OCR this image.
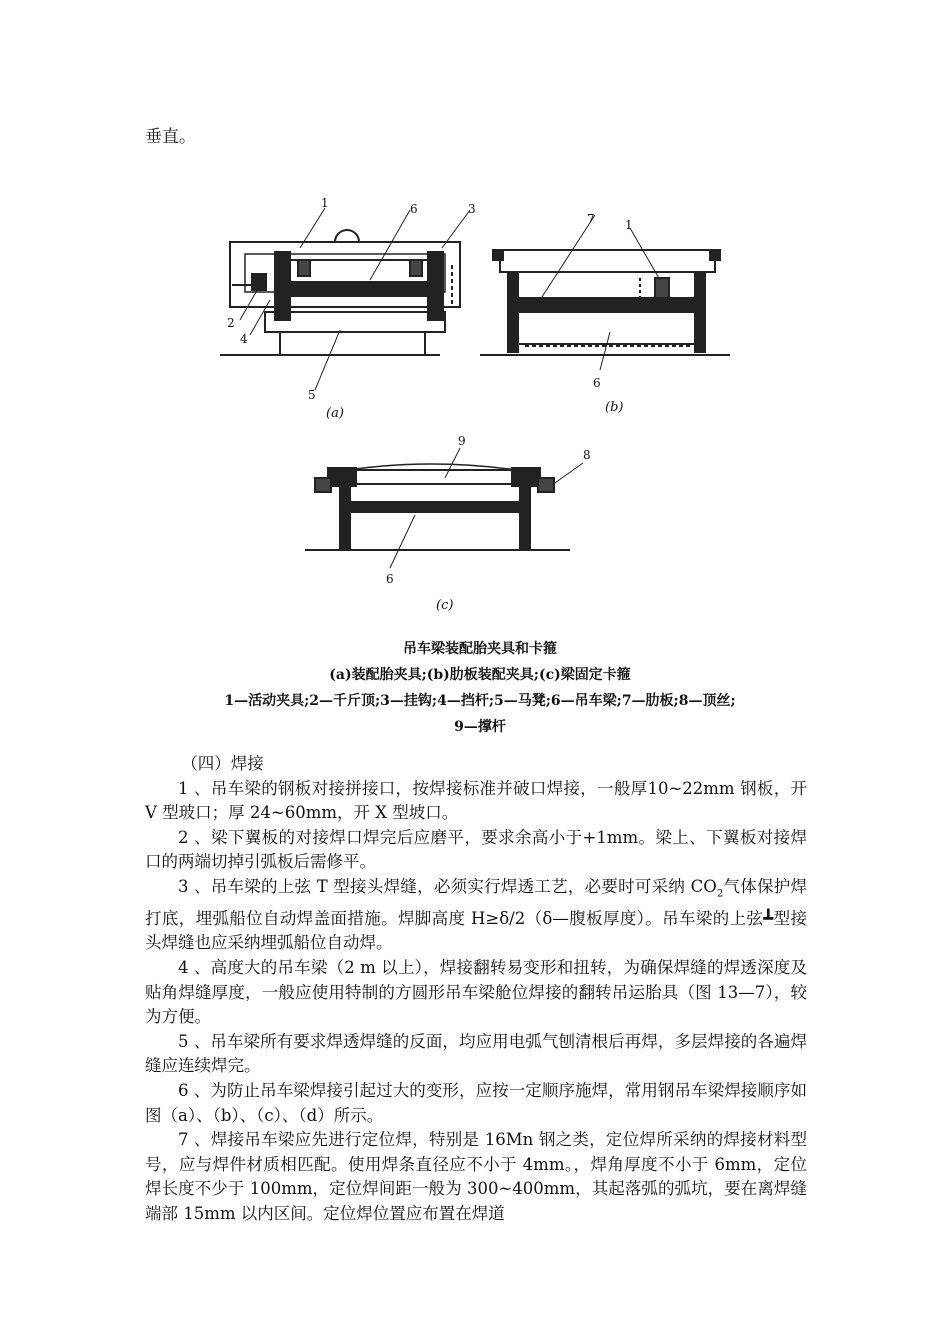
垂直。
1	6	3
2
4
5
(a)
7	1
6
(b)
9
8
6
(c)
吊车梁装配胎夹具和卡箍
(a)装配胎夹具;(b)肋板装配夹具;(c)梁固定卡箍
1—活动夹具;2—千斤顶;3—挂钩;4—挡杆;5—马凳;6—吊车梁;7—肋板;8—顶丝;
9—撑杆

（四）焊接

1 、吊车梁的钢板对接拼接口，按焊接标准并破口焊接，一般厚10~22mm 钢板，开 V 型玻口；厚 24~60mm，开 X 型坡口。

2 、梁下翼板的对接焊口焊完后应磨平，要求余高小于+1mm。梁上、下翼板对接焊口的两端切掉引弧板后需修平。

3 、吊车梁的上弦 T 型接头焊缝，必须实行焊透工艺，必要时可采纳 $CO_2$气体保护焊打底，埋弧船位自动焊盖面措施。焊脚高度 H≥δ/2（δ—腹板厚度）。吊车梁的上弦┻型接头焊缝也应采纳埋弧船位自动焊。

4 、高度大的吊车梁（2 m 以上），焊接翻转易变形和扭转，为确保焊缝的焊透深度及贴角焊缝厚度，一般应使用特制的方圆形吊车梁舱位焊接的翻转吊运胎具（图 13—7），较为方便。

5 、吊车梁所有要求焊透焊缝的反面，均应用电弧气刨清根后再焊，多层焊接的各遍焊缝应连续焊完。

6 、为防止吊车梁焊接引起过大的变形，应按一定顺序施焊，常用钢吊车梁焊接顺序如图（a）、（b）、（c）、（d）所示。

7 、焊接吊车梁应先进行定位焊，特别是 16Mn 钢之类，定位焊所采纳的焊接材料型号，应与焊件材质相匹配。使用焊条直径应不小于 4mm。，焊角厚度不小于 6mm，定位焊长度不少于 100mm，定位焊间距一般为 300~400mm，其起落弧的弧坑，要在离焊缝端部 15mm 以内区间。定位焊位置应布置在焊道
